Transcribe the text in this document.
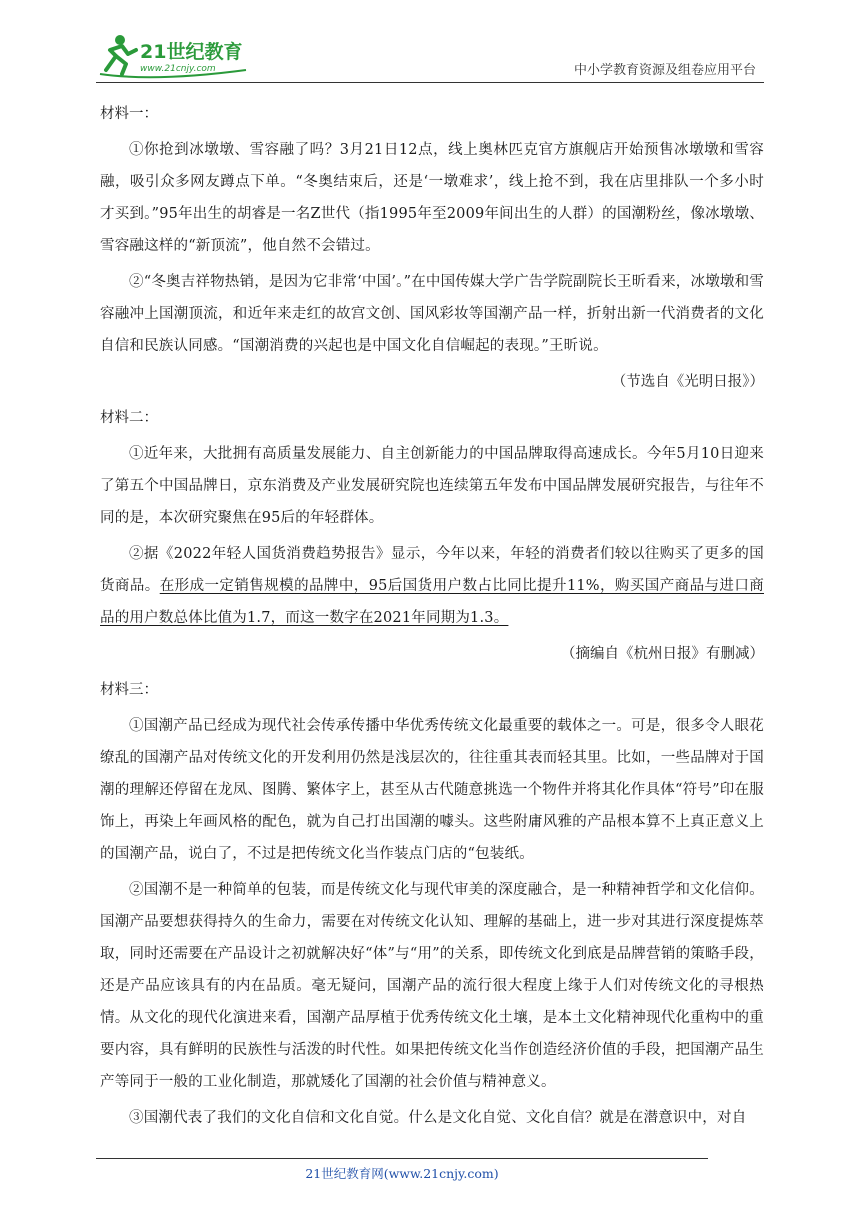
21世纪教育
www.21cnjy.com	中小学教育资源及组卷应用平台

材料一：

①你抢到冰墩墩、雪容融了吗？3月21日12点，线上奥林匹克官方旗舰店开始预售冰墩墩和雪容融，吸引众多网友蹲点下单。“冬奥结束后，还是‘一墩难求’，线上抢不到，我在店里排队一个多小时才买到。”95年出生的胡睿是一名Z世代（指1995年至2009年间出生的人群）的国潮粉丝，像冰墩墩、雪容融这样的“新顶流”，他自然不会错过。

②“冬奥吉祥物热销，是因为它非常‘中国’。”在中国传媒大学广告学院副院长王昕看来，冰墩墩和雪容融冲上国潮顶流，和近年来走红的故宫文创、国风彩妆等国潮产品一样，折射出新一代消费者的文化自信和民族认同感。“国潮消费的兴起也是中国文化自信崛起的表现。”王昕说。

（节选自《光明日报》）

材料二：

①近年来，大批拥有高质量发展能力、自主创新能力的中国品牌取得高速成长。今年5月10日迎来了第五个中国品牌日，京东消费及产业发展研究院也连续第五年发布中国品牌发展研究报告，与往年不同的是，本次研究聚焦在95后的年轻群体。

②据《2022年轻人国货消费趋势报告》显示，今年以来，年轻的消费者们较以往购买了更多的国货商品。在形成一定销售规模的品牌中，95后国货用户数占比同比提升11%，购买国产商品与进口商品的用户数总体比值为1.7，而这一数字在2021年同期为1.3。

（摘编自《杭州日报》有删减）

材料三：

①国潮产品已经成为现代社会传承传播中华优秀传统文化最重要的载体之一。可是，很多令人眼花缭乱的国潮产品对传统文化的开发利用仍然是浅层次的，往往重其表而轻其里。比如，一些品牌对于国潮的理解还停留在龙凤、图腾、繁体字上，甚至从古代随意挑选一个物件并将其化作具体“符号”印在服饰上，再染上年画风格的配色，就为自己打出国潮的噱头。这些附庸风雅的产品根本算不上真正意义上的国潮产品，说白了，不过是把传统文化当作装点门店的“包装纸。

②国潮不是一种简单的包装，而是传统文化与现代审美的深度融合，是一种精神哲学和文化信仰。国潮产品要想获得持久的生命力，需要在对传统文化认知、理解的基础上，进一步对其进行深度提炼萃取，同时还需要在产品设计之初就解决好“体”与“用”的关系，即传统文化到底是品牌营销的策略手段，还是产品应该具有的内在品质。毫无疑问，国潮产品的流行很大程度上缘于人们对传统文化的寻根热情。从文化的现代化演进来看，国潮产品厚植于优秀传统文化土壤，是本土文化精神现代化重构中的重要内容，具有鲜明的民族性与活泼的时代性。如果把传统文化当作创造经济价值的手段，把国潮产品生产等同于一般的工业化制造，那就矮化了国潮的社会价值与精神意义。

③国潮代表了我们的文化自信和文化自觉。什么是文化自觉、文化自信？就是在潜意识中，对自

21世纪教育网(www.21cnjy.com)
